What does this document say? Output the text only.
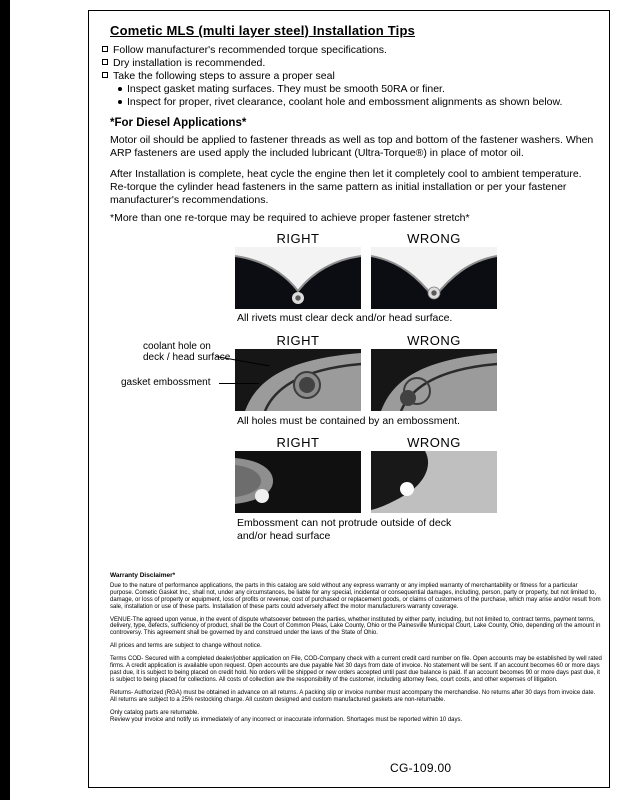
Cometic MLS (multi layer steel) Installation Tips
Follow manufacturer's recommended torque specifications.
Dry installation is recommended.
Take the following steps to assure a proper seal
Inspect gasket mating surfaces. They must be smooth 50RA or finer.
Inspect for proper, rivet clearance, coolant hole and embossment alignments as shown below.
*For Diesel Applications*
Motor oil should be applied to fastener threads as well as top and bottom of the fastener washers. When ARP fasteners are used apply the included lubricant (Ultra-Torque®) in place of motor oil.
After Installation is complete, heat cycle the engine then let it completely cool to ambient temperature. Re-torque the cylinder head fasteners in the same pattern as initial installation or per your fastener manufacturer's recommendations.
*More than one re-torque may be required to achieve proper fastener stretch*
RIGHT	WRONG
All rivets must clear deck and/or head surface.
RIGHT	WRONG
coolant hole on
deck / head surface
gasket embossment
All holes must be contained by an embossment.
RIGHT	WRONG
Embossment can not protrude outside of deck and/or head surface
Warranty Disclaimer*

Due to the nature of performance applications, the parts in this catalog are sold without any express warranty or any implied warranty of merchantability or fitness for a particular purpose. Cometic Gasket Inc., shall not, under any circumstances, be liable for any special, incidental or consequential damages, including, person, party or property, but not limited to, damage, or loss of property or equipment, loss of profits or revenue, cost of purchased or replacement goods, or claims of customers of the purchase, which may arise and/or result from sale, installation or use of these parts. Installation of these parts could adversely affect the motor manufacturers warranty coverage.

VENUE-The agreed upon venue, in the event of dispute whatsoever between the parties, whether instituted by either party, including, but not limited to, contract terms, payment terms, delivery, type, defects, sufficiency of product, shall be the Court of Common Pleas, Lake County, Ohio or the Painesville Municipal Court, Lake County, Ohio, depending on the amount in controversy. This agreement shall be governed by and construed under the laws of the State of Ohio.

All prices and terms are subject to change without notice.

Terms COD- Secured with a completed dealer/jobber application on File, COD-Company check with a current credit card number on file. Open accounts may be established by well rated firms. A credit application is available upon request. Open accounts are due payable Net 30 days from date of invoice. No statement will be sent. If an account becomes 60 or more days past due, it is subject to being placed on credit hold. No orders will be shipped or new orders accepted until past due balance is paid. If an account becomes 90 or more days past due, it is subject to being placed for collections. All costs of collection are the responsibility of the customer, including attorney fees, court costs, and other expenses of litigation.

Returns- Authorized (RGA) must be obtained in advance on all returns. A packing slip or invoice number must accompany the merchandise. No returns after 30 days from invoice date. All returns are subject to a 25% restocking charge. All custom designed and custom manufactured gaskets are non-returnable.

Only catalog parts are returnable.

Review your invoice and notify us immediately of any incorrect or inaccurate information. Shortages must be reported within 10 days.

CG-109.00
